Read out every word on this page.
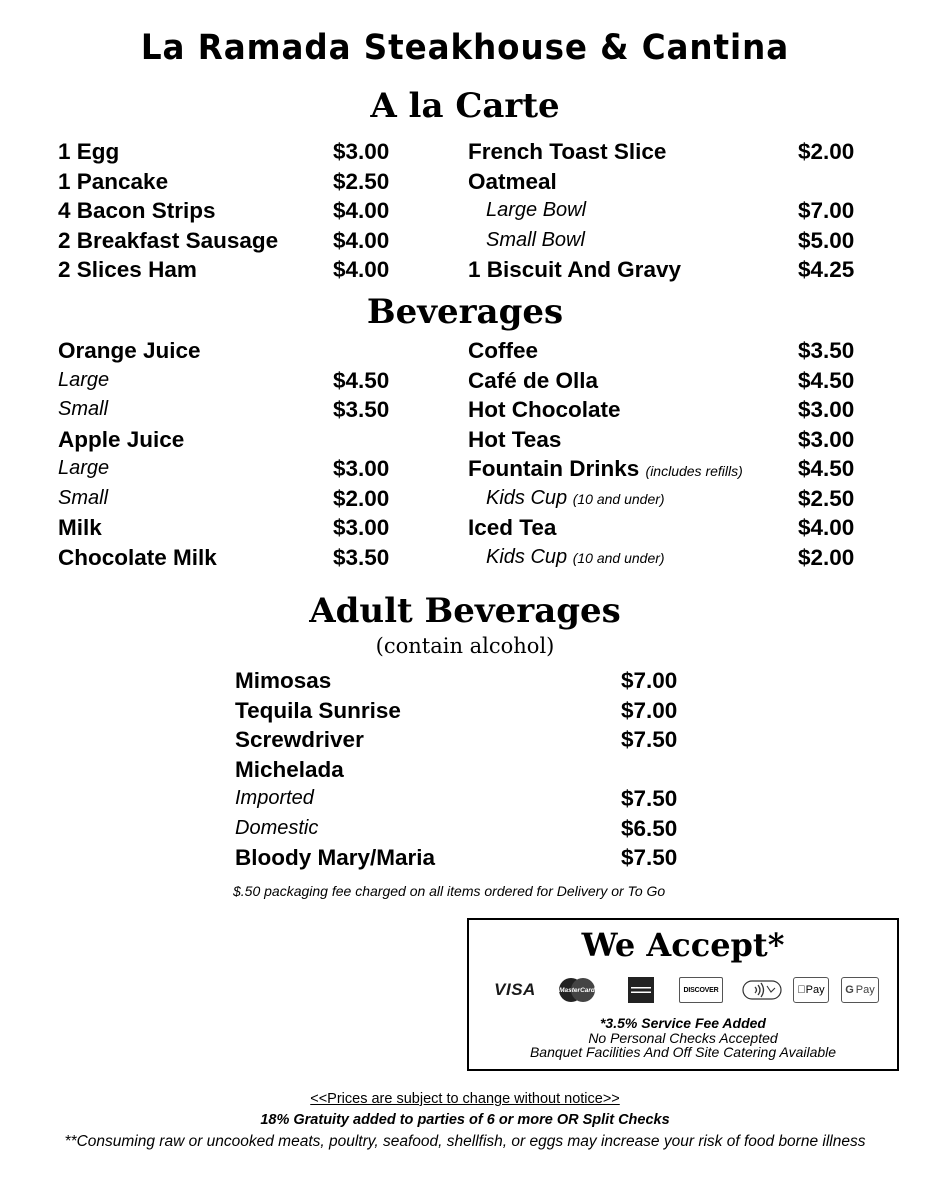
La Ramada Steakhouse & Cantina
A la Carte
1 Egg	$3.00
1 Pancake	$2.50
4 Bacon Strips	$4.00
2 Breakfast Sausage $4.00
2 Slices Ham	$4.00
French Toast Slice	$2.00
Oatmeal
Large Bowl	$7.00
Small Bowl	$5.00
1 Biscuit And Gravy	$4.25
Beverages
Orange Juice
Large	$4.50
Small	$3.50
Apple Juice
Large	$3.00
Small	$2.00
Milk	$3.00
Chocolate Milk	$3.50
Coffee	$3.50
Café de Olla	$4.50
Hot Chocolate	$3.00
Hot Teas	$3.00
Fountain Drinks (includes refills) $4.50
Kids Cup (10 and under)	$2.50
Iced Tea	$4.00
Kids Cup (10 and under)	$2.00
Adult Beverages
(contain alcohol)
Mimosas	$7.00
Tequila Sunrise	$7.00
Screwdriver	$7.50
Michelada
Imported	$7.50
Domestic	$6.50
Bloody Mary/Maria	$7.50
$.50 packaging fee charged on all items ordered for Delivery or To Go
We Accept*
VISA	MasterCard	DISCOVER	Pay G Pay
*3.5% Service Fee Added
No Personal Checks Accepted
Banquet Facilities And Off Site Catering Available
<<Prices are subject to change without notice>>
18% Gratuity added to parties of 6 or more OR Split Checks
**Consuming raw or uncooked meats, poultry, seafood, shellfish, or eggs may increase your risk of food borne illness
